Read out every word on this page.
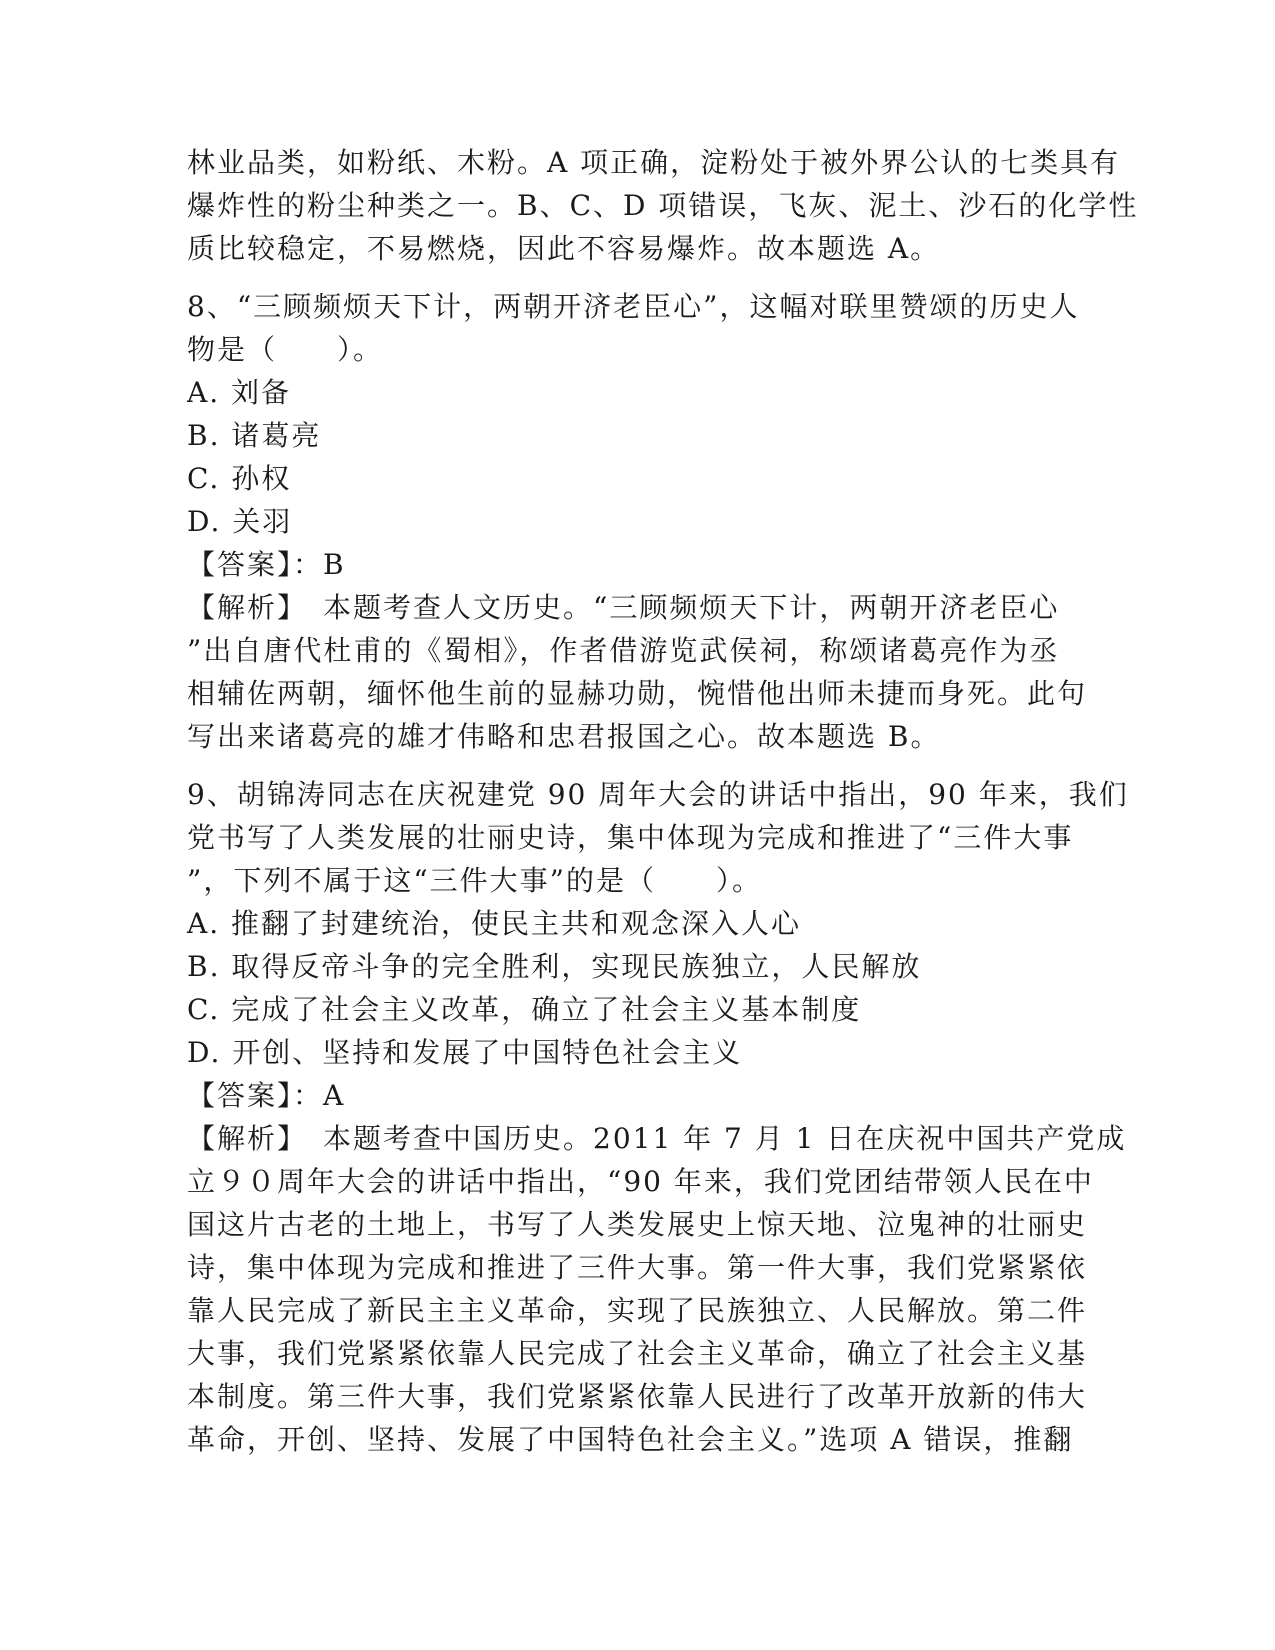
林业品类，如粉纸、木粉。A 项正确，淀粉处于被外界公认的七类具有
爆炸性的粉尘种类之一。B、C、D 项错误，飞灰、泥土、沙石的化学性
质比较稳定，不易燃烧，因此不容易爆炸。故本题选 A。
8、“三顾频烦天下计，两朝开济老臣心”，这幅对联里赞颂的历史人
物是（　　）。
A. 刘备
B. 诸葛亮
C. 孙权
D. 关羽
【答案】：B
【解析】　本题考查人文历史。“三顾频烦天下计，两朝开济老臣心
”出自唐代杜甫的《蜀相》，作者借游览武侯祠，称颂诸葛亮作为丞
相辅佐两朝，缅怀他生前的显赫功勋，惋惜他出师未捷而身死。此句
写出来诸葛亮的雄才伟略和忠君报国之心。故本题选 B。
9、胡锦涛同志在庆祝建党 90 周年大会的讲话中指出，90 年来，我们
党书写了人类发展的壮丽史诗，集中体现为完成和推进了“三件大事
”，下列不属于这“三件大事”的是（　　）。
A. 推翻了封建统治，使民主共和观念深入人心
B. 取得反帝斗争的完全胜利，实现民族独立，人民解放
C. 完成了社会主义改革，确立了社会主义基本制度
D. 开创、坚持和发展了中国特色社会主义
【答案】：A
【解析】　本题考查中国历史。2011 年 7 月 1 日在庆祝中国共产党成
立９０周年大会的讲话中指出，“90 年来，我们党团结带领人民在中
国这片古老的土地上，书写了人类发展史上惊天地、泣鬼神的壮丽史
诗，集中体现为完成和推进了三件大事。第一件大事，我们党紧紧依
靠人民完成了新民主主义革命，实现了民族独立、人民解放。第二件
大事，我们党紧紧依靠人民完成了社会主义革命，确立了社会主义基
本制度。第三件大事，我们党紧紧依靠人民进行了改革开放新的伟大
革命，开创、坚持、发展了中国特色社会主义。”选项 A 错误，推翻
